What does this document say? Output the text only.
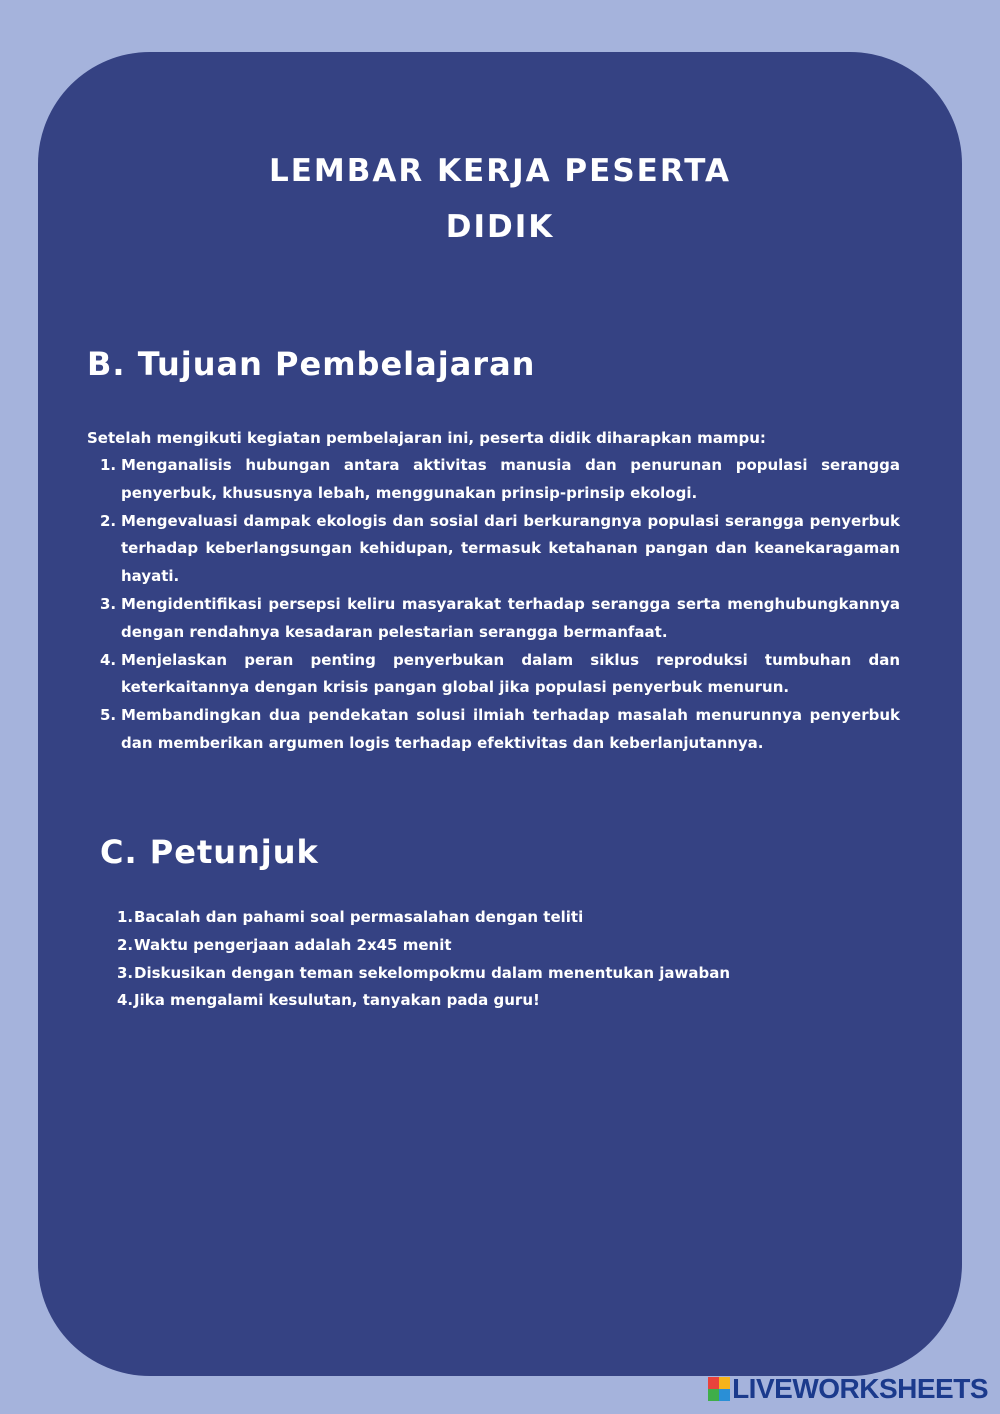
LEMBAR KERJA PESERTA
DIDIK
B. Tujuan Pembelajaran

Setelah mengikuti kegiatan pembelajaran ini, peserta didik diharapkan mampu:

1. Menganalisis hubungan antara aktivitas manusia dan penurunan populasi serangga penyerbuk, khususnya lebah, menggunakan prinsip-prinsip ekologi.
2. Mengevaluasi dampak ekologis dan sosial dari berkurangnya populasi serangga penyerbuk terhadap keberlangsungan kehidupan, termasuk ketahanan pangan dan keanekaragaman hayati.
3. Mengidentifikasi persepsi keliru masyarakat terhadap serangga serta menghubungkannya dengan rendahnya kesadaran pelestarian serangga bermanfaat.
4. Menjelaskan peran penting penyerbukan dalam siklus reproduksi tumbuhan dan keterkaitannya dengan krisis pangan global jika populasi penyerbuk menurun.
5. Membandingkan dua pendekatan solusi ilmiah terhadap masalah menurunnya penyerbuk dan memberikan argumen logis terhadap efektivitas dan keberlanjutannya.
C. Petunjuk
1. Bacalah dan pahami soal permasalahan dengan teliti
2. Waktu pengerjaan adalah 2x45 menit
3. Diskusikan dengan teman sekelompokmu dalam menentukan jawaban
4. Jika mengalami kesulutan, tanyakan pada guru!
LIVEWORKSHEETS
